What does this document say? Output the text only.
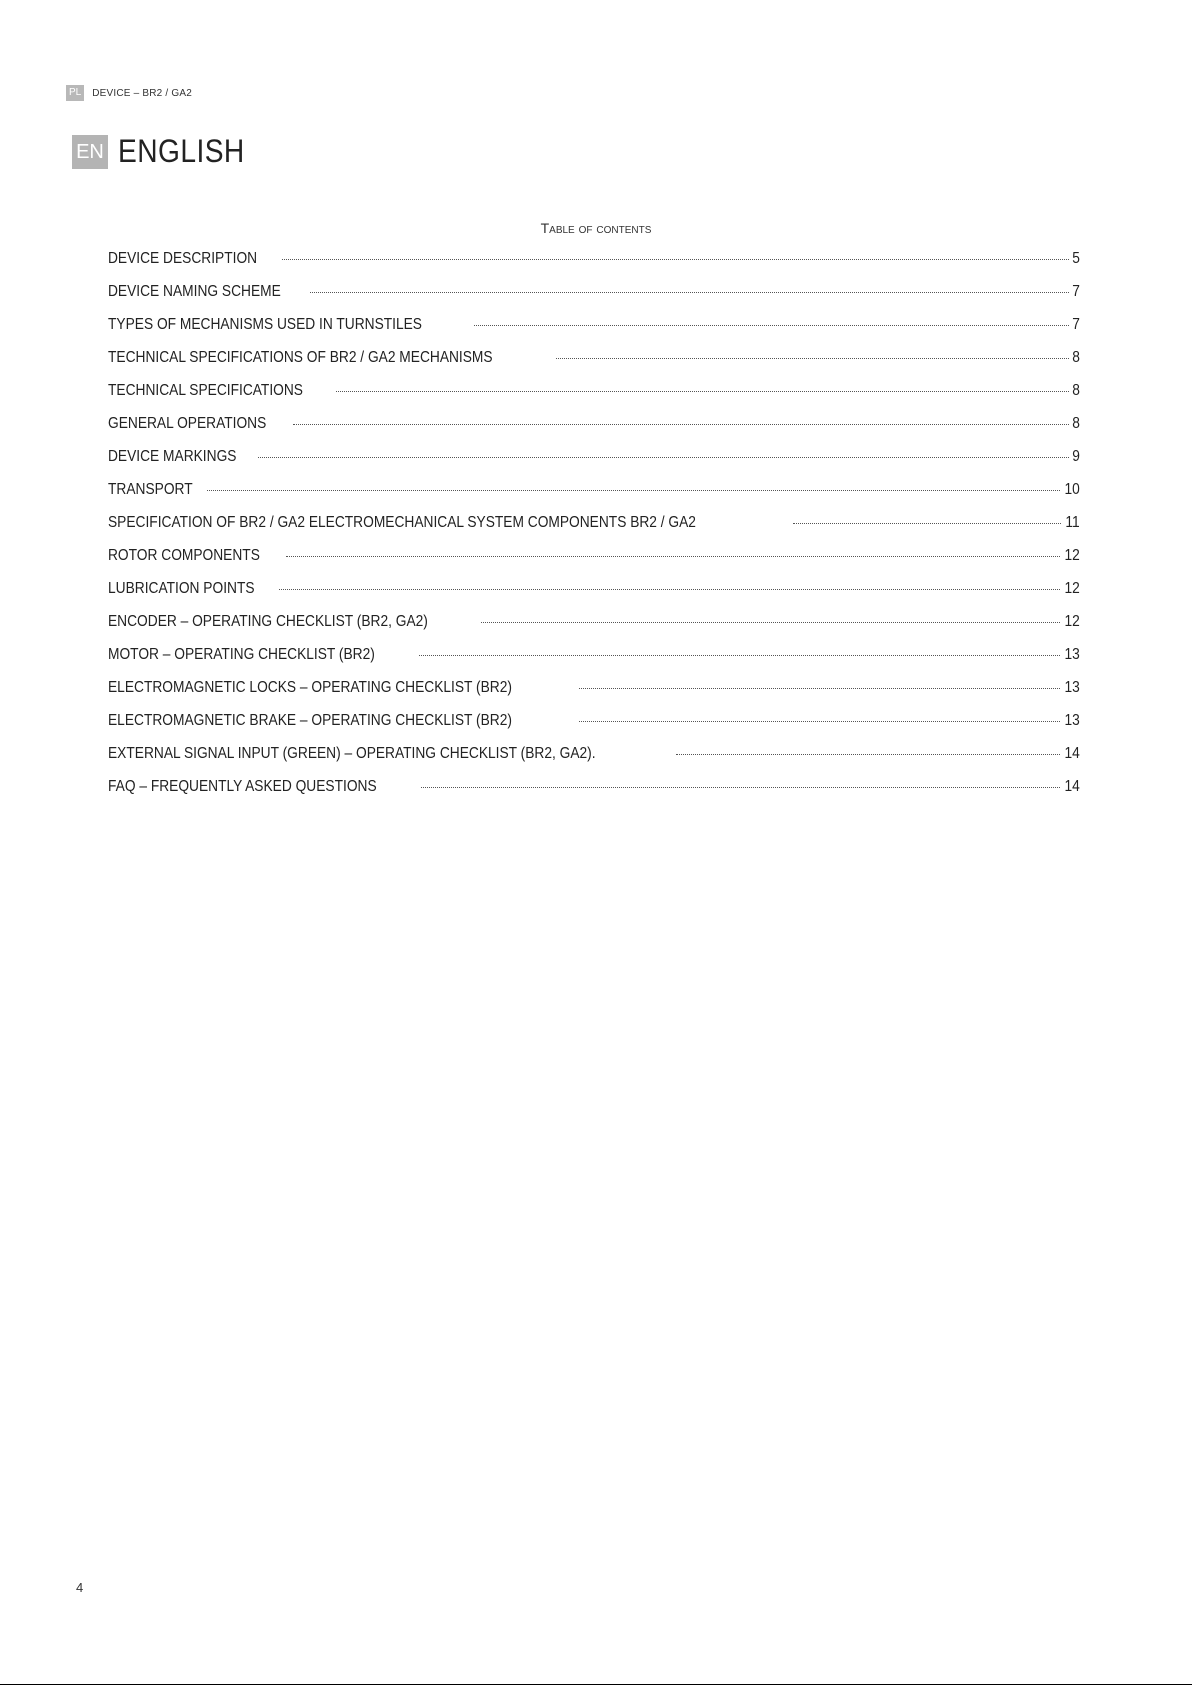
PL	DEVICE – BR2 / GA2
EN ENGLISH
Table of contents
DEVICE DESCRIPTION	5
DEVICE NAMING SCHEME	7
TYPES OF MECHANISMS USED IN TURNSTILES	7
TECHNICAL SPECIFICATIONS OF BR2 / GA2 MECHANISMS	8
TECHNICAL SPECIFICATIONS	8
GENERAL OPERATIONS	8
DEVICE MARKINGS	9
TRANSPORT	10
SPECIFICATION OF BR2 / GA2 ELECTROMECHANICAL SYSTEM COMPONENTS BR2 / GA2	11
ROTOR COMPONENTS	12
LUBRICATION POINTS	12
ENCODER – OPERATING CHECKLIST (BR2, GA2)	12
MOTOR – OPERATING CHECKLIST (BR2)	13
ELECTROMAGNETIC LOCKS – OPERATING CHECKLIST (BR2)	13
ELECTROMAGNETIC BRAKE – OPERATING CHECKLIST (BR2)	13
EXTERNAL SIGNAL INPUT (GREEN) – OPERATING CHECKLIST (BR2, GA2).	14
FAQ – FREQUENTLY ASKED QUESTIONS	14
4
